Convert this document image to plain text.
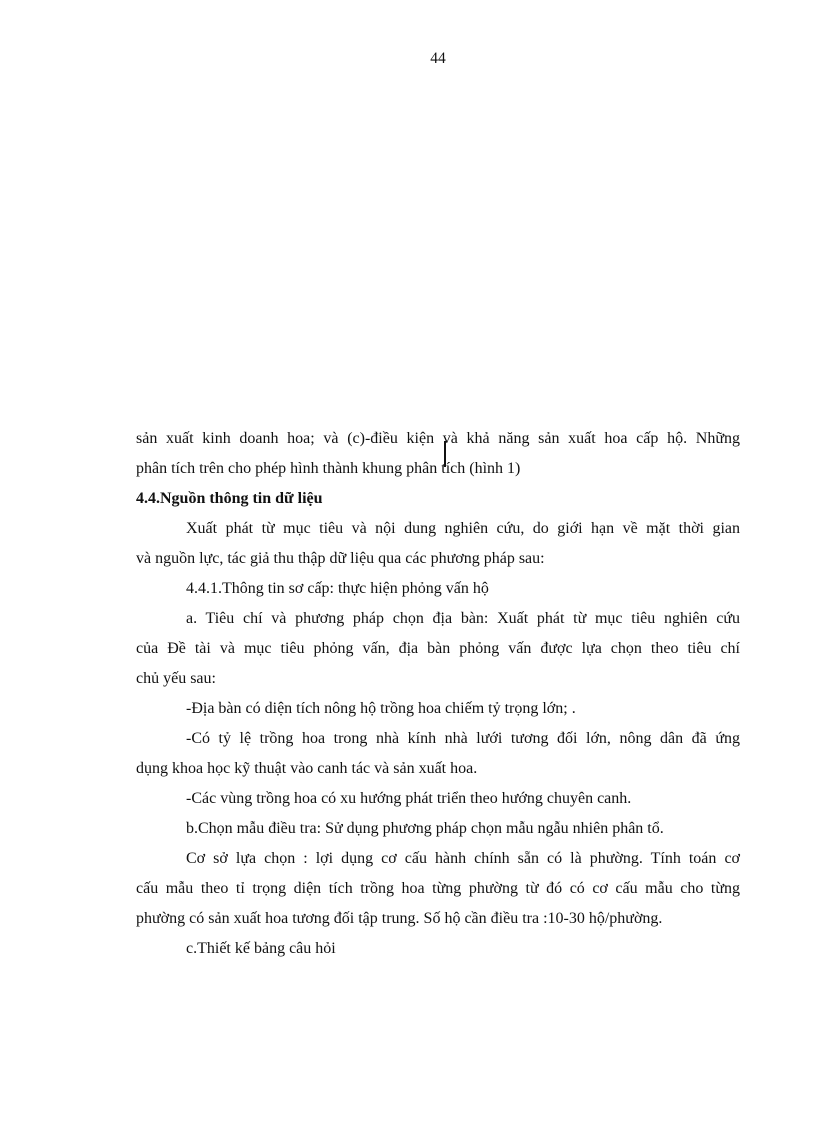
44
sản xuất kinh doanh hoa; và (c)-điều kiện và khả năng sản xuất hoa cấp hộ. Những
phân tích trên cho phép hình thành khung phân tích (hình 1)
4.4.Nguồn thông tin dữ liệu
Xuất phát từ mục tiêu và nội dung nghiên cứu, do giới hạn về mặt thời gian
và nguồn lực, tác giả thu thập dữ liệu qua các phương pháp sau:
4.4.1.Thông tin sơ cấp: thực hiện phỏng vấn hộ
a. Tiêu chí và phương pháp chọn địa bàn: Xuất phát từ mục tiêu nghiên cứu
của Đề tài và mục tiêu phỏng vấn, địa bàn phỏng vấn được lựa chọn theo tiêu chí
chủ yếu sau:
-Địa bàn có diện tích nông hộ trồng hoa chiếm tỷ trọng lớn; .
-Có tỷ lệ trồng hoa trong nhà kính nhà lưới tương đối lớn, nông dân đã ứng
dụng khoa học kỹ thuật vào canh tác và sản xuất hoa.
-Các vùng trồng hoa có xu hướng phát triển theo hướng chuyên canh.
b.Chọn mẫu điều tra: Sử dụng phương pháp chọn mẫu ngẫu nhiên phân tổ.
Cơ sở lựa chọn : lợi dụng cơ cấu hành chính sẵn có là phường. Tính toán cơ
cấu mẫu theo tỉ trọng diện tích trồng hoa từng phường từ đó có cơ cấu mẫu cho từng
phường có sản xuất hoa tương đối tập trung. Số hộ cần điều tra :10-30 hộ/phường.
c.Thiết kế bảng câu hỏi
